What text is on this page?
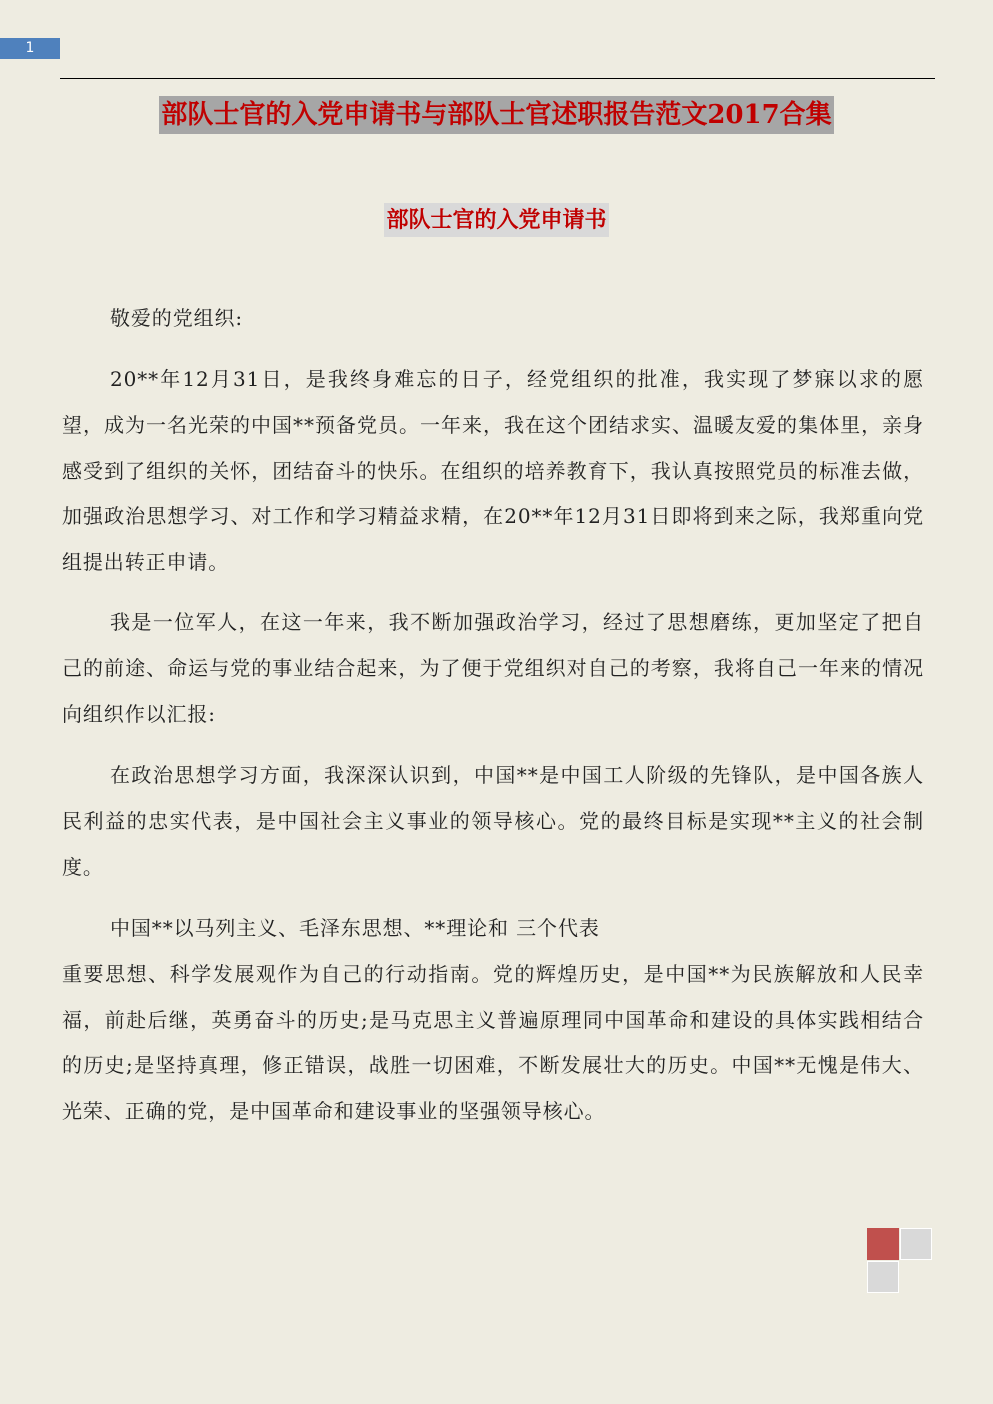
1
部队士官的入党申请书与部队士官述职报告范文2017合集
部队士官的入党申请书
敬爱的党组织:

20**年12月31日，是我终身难忘的日子，经党组织的批准，我实现了梦寐以求的愿望，成为一名光荣的中国**预备党员。一年来，我在这个团结求实、温暖友爱的集体里，亲身感受到了组织的关怀，团结奋斗的快乐。在组织的培养教育下，我认真按照党员的标准去做，加强政治思想学习、对工作和学习精益求精，在20**年12月31日即将到来之际，我郑重向党组提出转正申请。

我是一位军人，在这一年来，我不断加强政治学习，经过了思想磨练，更加坚定了把自己的前途、命运与党的事业结合起来，为了便于党组织对自己的考察，我将自己一年来的情况向组织作以汇报:

在政治思想学习方面，我深深认识到，中国**是中国工人阶级的先锋队，是中国各族人民利益的忠实代表，是中国社会主义事业的领导核心。党的最终目标是实现**主义的社会制度。

中国**以马列主义、毛泽东思想、**理论和 三个代表
重要思想、科学发展观作为自己的行动指南。党的辉煌历史，是中国**为民族解放和人民幸福，前赴后继，英勇奋斗的历史;是马克思主义普遍原理同中国革命和建设的具体实践相结合的历史;是坚持真理，修正错误，战胜一切困难，不断发展壮大的历史。中国**无愧是伟大、光荣、正确的党，是中国革命和建设事业的坚强领导核心。
